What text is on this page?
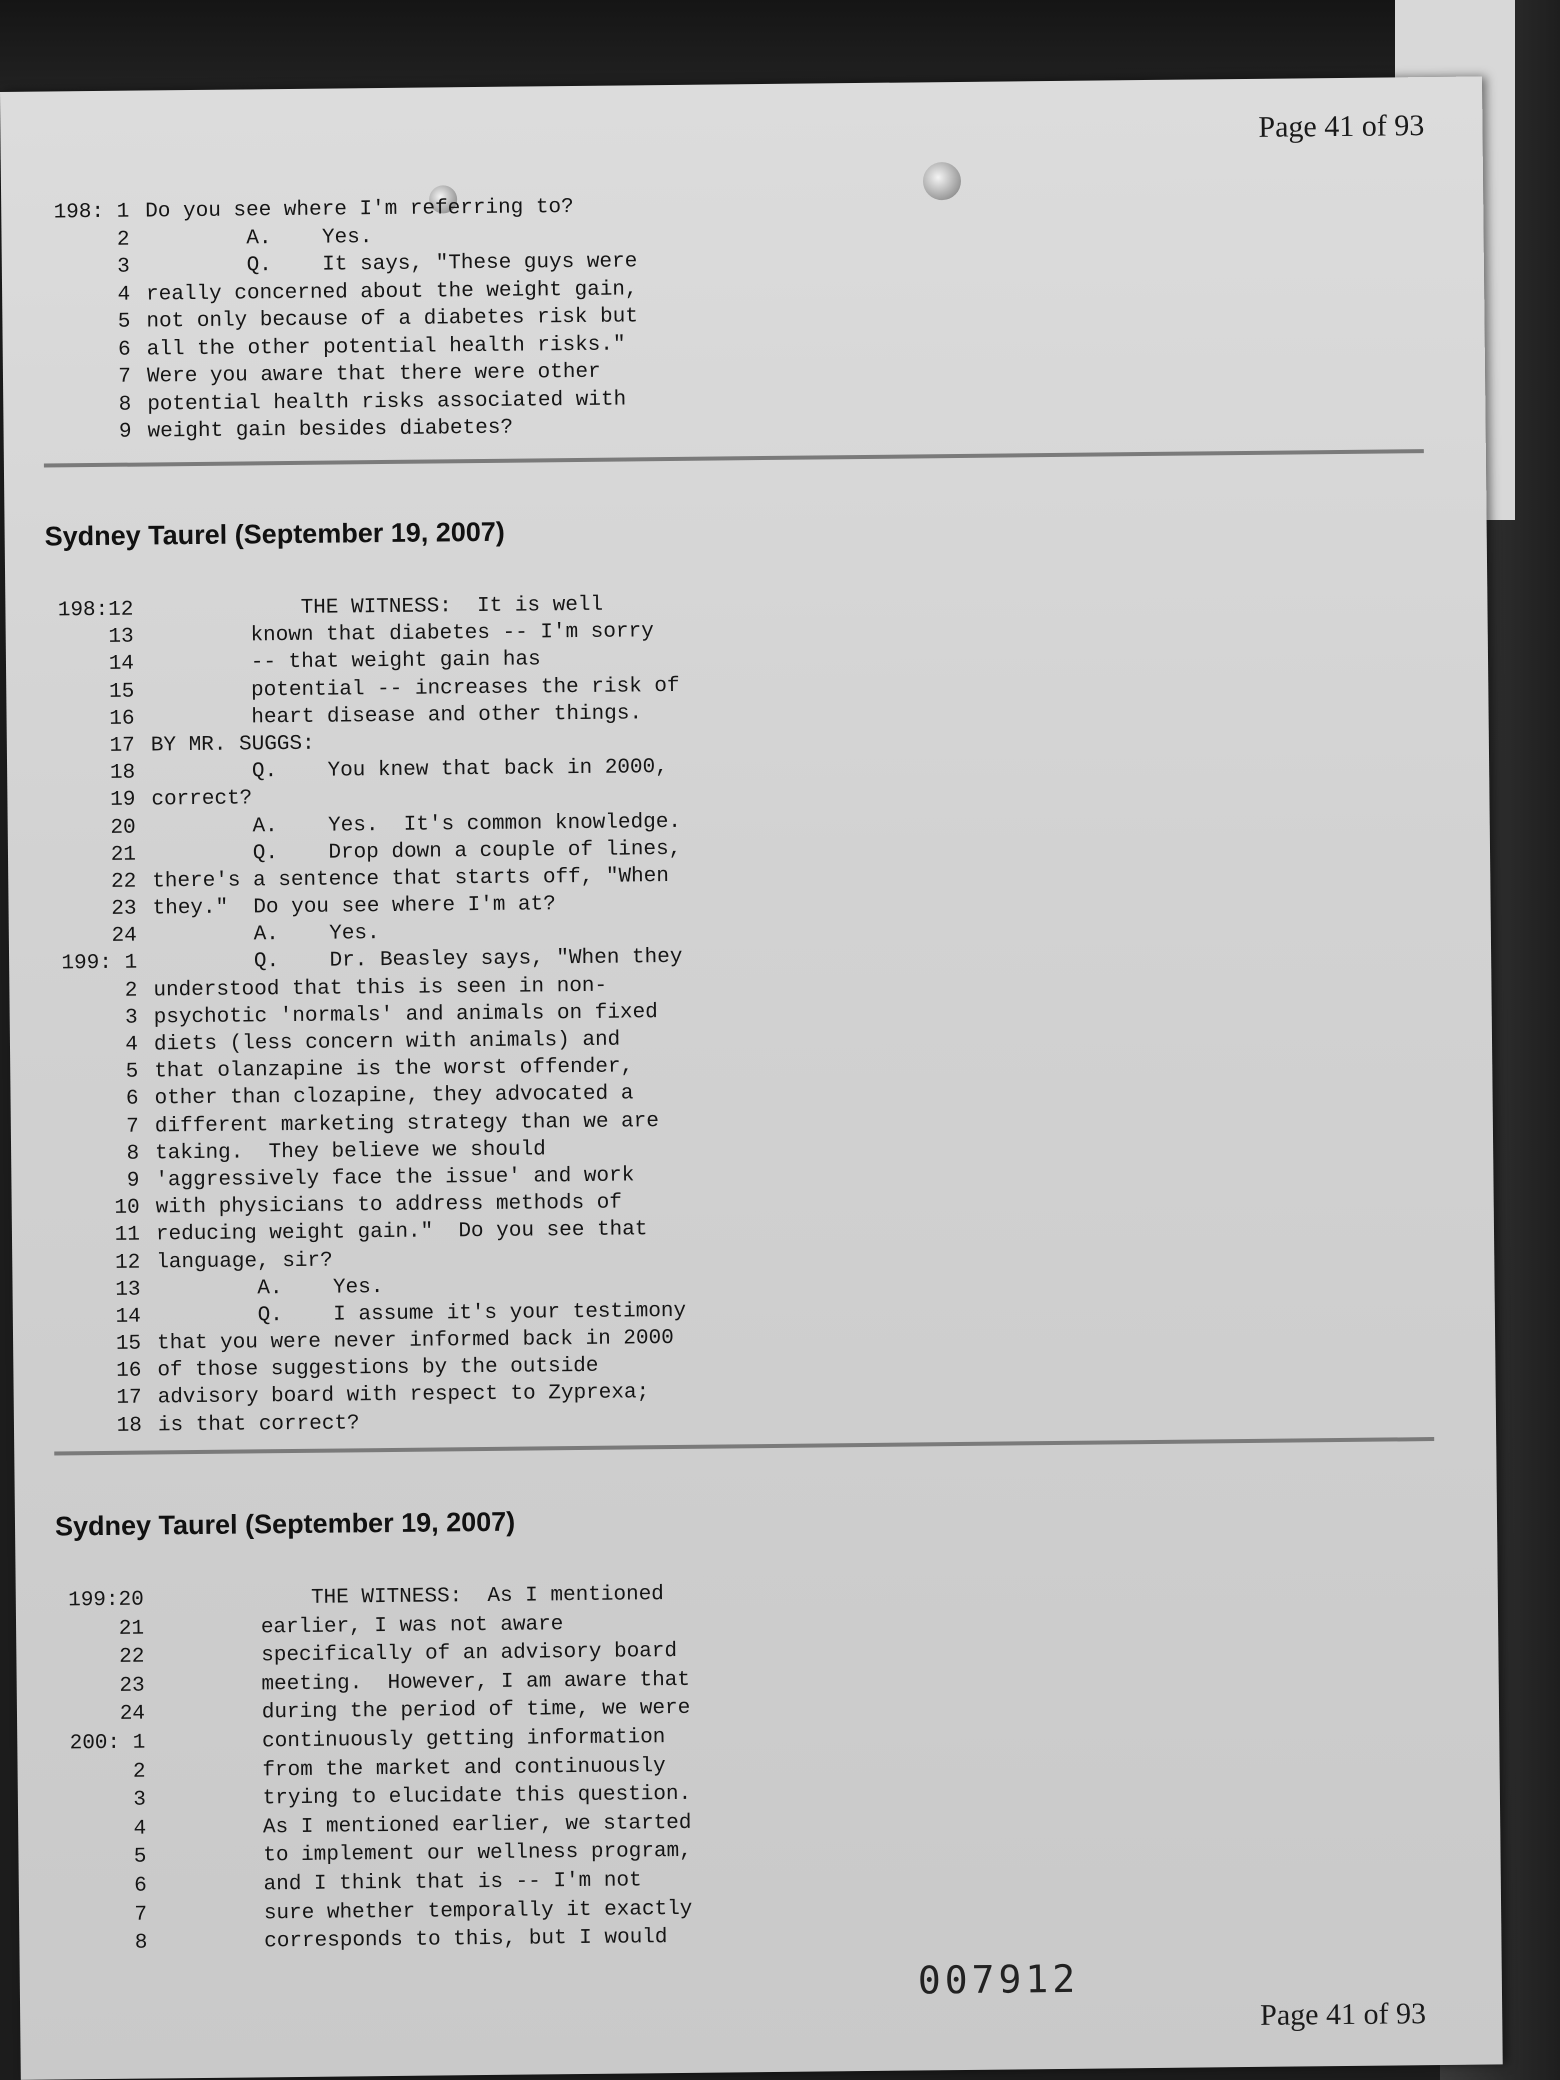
Page 41 of 93
198: 1 Do you see where I'm referring to?
2 A.    Yes.
3 Q.    It says, "These guys were
4 really concerned about the weight gain,
5 not only because of a diabetes risk but
6 all the other potential health risks."
7 Were you aware that there were other
8 potential health risks associated with
9 weight gain besides diabetes?
Sydney Taurel (September 19, 2007)
198:12 THE WITNESS:  It is well
13 known that diabetes -- I'm sorry
14 -- that weight gain has
15 potential -- increases the risk of
16 heart disease and other things.
17 BY MR. SUGGS:
18 Q.    You knew that back in 2000,
19 correct?
20 A.    Yes.  It's common knowledge.
21 Q.    Drop down a couple of lines,
22 there's a sentence that starts off, "When
23 they."  Do you see where I'm at?
24 A.    Yes.
199: 1 Q.    Dr. Beasley says, "When they
2 understood that this is seen in non-
3 psychotic 'normals' and animals on fixed
4 diets (less concern with animals) and
5 that olanzapine is the worst offender,
6 other than clozapine, they advocated a
7 different marketing strategy than we are
8 taking.  They believe we should
9 'aggressively face the issue' and work
10 with physicians to address methods of
11 reducing weight gain."  Do you see that
12 language, sir?
13 A.    Yes.
14 Q.    I assume it's your testimony
15 that you were never informed back in 2000
16 of those suggestions by the outside
17 advisory board with respect to Zyprexa;
18 is that correct?
Sydney Taurel (September 19, 2007)
199:20 THE WITNESS:  As I mentioned
21 earlier, I was not aware
22 specifically of an advisory board
23 meeting.  However, I am aware that
24 during the period of time, we were
200: 1 continuously getting information
2 from the market and continuously
3 trying to elucidate this question.
4 As I mentioned earlier, we started
5 to implement our wellness program,
6 and I think that is -- I'm not
7 sure whether temporally it exactly
8 corresponds to this, but I would
007912
Page 41 of 93
